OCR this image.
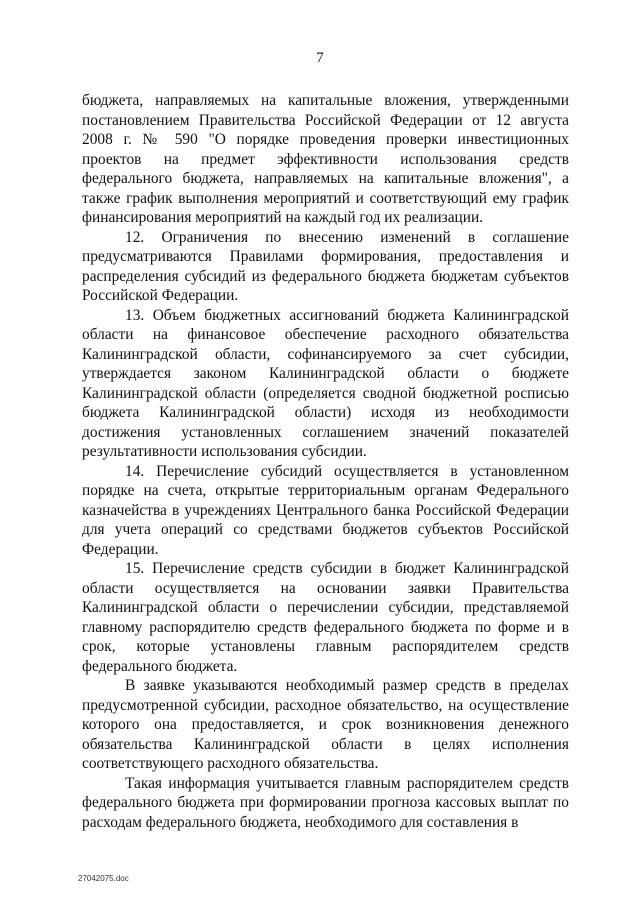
7

бюджета, направляемых на капитальные вложения, утвержденными постановлением Правительства Российской Федерации от 12 августа 2008 г. № 590 "О порядке проведения проверки инвестиционных проектов на предмет эффективности использования средств федерального бюджета, направляемых на капитальные вложения", а также график выполнения мероприятий и соответствующий ему график финансирования мероприятий на каждый год их реализации.

12. Ограничения по внесению изменений в соглашение предусматриваются Правилами формирования, предоставления и распределения субсидий из федерального бюджета бюджетам субъектов Российской Федерации.

13. Объем бюджетных ассигнований бюджета Калининградской области на финансовое обеспечение расходного обязательства Калининградской области, софинансируемого за счет субсидии, утверждается законом Калининградской области о бюджете Калининградской области (определяется сводной бюджетной росписью бюджета Калининградской области) исходя из необходимости достижения установленных соглашением значений показателей результативности использования субсидии.

14. Перечисление субсидий осуществляется в установленном порядке на счета, открытые территориальным органам Федерального казначейства в учреждениях Центрального банка Российской Федерации для учета операций со средствами бюджетов субъектов Российской Федерации.

15. Перечисление средств субсидии в бюджет Калининградской области осуществляется на основании заявки Правительства Калининградской области о перечислении субсидии, представляемой главному распорядителю средств федерального бюджета по форме и в срок, которые установлены главным распорядителем средств федерального бюджета.

В заявке указываются необходимый размер средств в пределах предусмотренной субсидии, расходное обязательство, на осуществление которого она предоставляется, и срок возникновения денежного обязательства Калининградской области в целях исполнения соответствующего расходного обязательства.

Такая информация учитывается главным распорядителем средств федерального бюджета при формировании прогноза кассовых выплат по расходам федерального бюджета, необходимого для составления в

27042075.doc
